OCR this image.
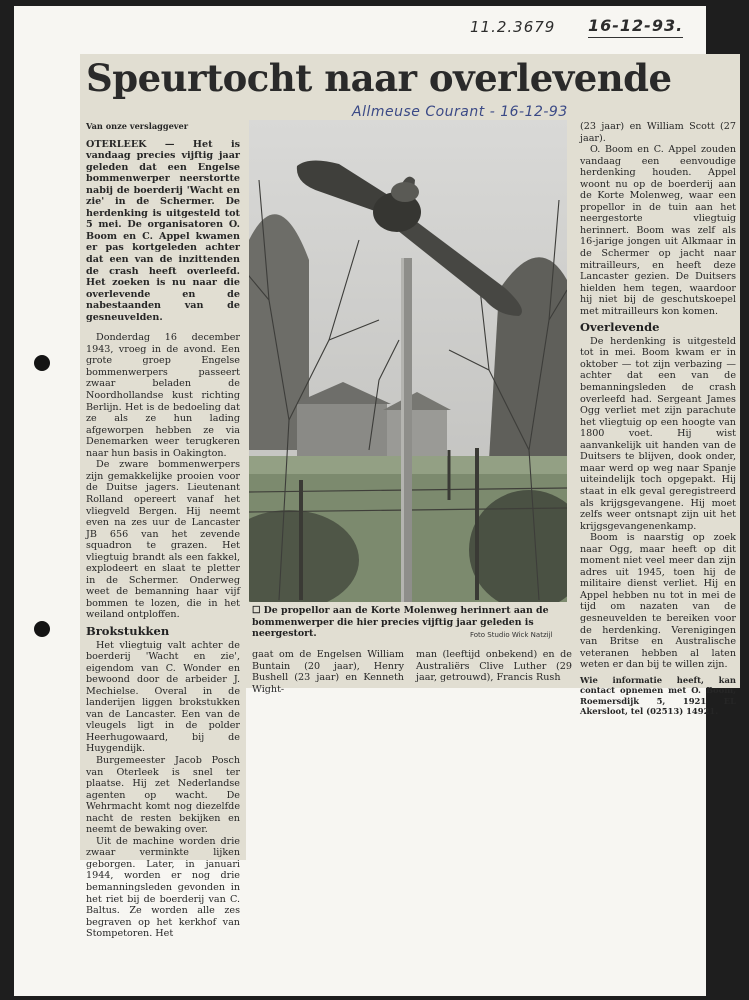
11.2.3679 16-12-93.
Speurtocht naar overlevende
Allmeuse Courant - 16-12-93

Van onze verslaggever

OTERLEEK — Het is vandaag precies vijftig jaar geleden dat een Engelse bommenwerper neerstortte nabij de boerderij 'Wacht en zie' in de Schermer. De herdenking is uitgesteld tot 5 mei. De organisatoren O. Boom en C. Appel kwamen er pas kortgeleden achter dat een van de inzittenden de crash heeft overleefd. Het zoeken is nu naar die overlevende en de nabestaanden van de gesneuvelden.

Donderdag 16 december 1943, vroeg in de avond. Een grote groep Engelse bommenwerpers passeert zwaar beladen de Noordhollandse kust richting Berlijn. Het is de bedoeling dat ze als ze hun lading afgeworpen hebben ze via Denemarken weer terugkeren naar hun basis in Oakington.

De zware bommenwerpers zijn gemakkelijke prooien voor de Duitse jagers. Lieutenant Rolland opereert vanaf het vliegveld Bergen. Hij neemt even na zes uur de Lancaster JB 656 van het zevende squadron te grazen. Het vliegtuig brandt als een fakkel, explodeert en slaat te pletter in de Schermer. Onderweg weet de bemanning haar vijf bommen te lozen, die in het weiland ontploffen.

Brokstukken

Het vliegtuig valt achter de boerderij 'Wacht en zie', eigendom van C. Wonder en bewoond door de arbeider J. Mechielse. Overal in de landerijen liggen brokstukken van de Lancaster. Een van de vleugels ligt in de polder Heerhugowaard, bij de Huygendijk.

Burgemeester Jacob Posch van Oterleek is snel ter plaatse. Hij zet Nederlandse agenten op wacht. De Wehrmacht komt nog diezelfde nacht de resten bekijken en neemt de bewaking over.

Uit de machine worden drie zwaar verminkte lijken geborgen. Later, in januari 1944, worden er nog drie bemanningsleden gevonden in het riet bij de boerderij van C. Baltus. Ze worden alle zes begraven op het kerkhof van Stompetoren. Het

☐ De propellor aan de Korte Molenweg herinnert aan de bommenwerper die hier precies vijftig jaar geleden is neergestort.	Foto Studio Wick Natzijl
gaat om de Engelsen William Buntain (20 jaar), Henry Bushell (23 jaar) en Kenneth Wight-
man (leeftijd onbekend) en de Australiërs Clive Luther (29 jaar, getrouwd), Francis Rush

(23 jaar) en William Scott (27 jaar).

O. Boom en C. Appel zouden vandaag een eenvoudige herdenking houden. Appel woont nu op de boerderij aan de Korte Molenweg, waar een propellor in de tuin aan het neergestorte vliegtuig herinnert. Boom was zelf als 16-jarige jongen uit Alkmaar in de Schermer op jacht naar mitrailleurs, en heeft deze Lancaster gezien. De Duitsers hielden hem tegen, waardoor hij niet bij de geschutskoepel met mitrailleurs kon komen.

Overlevende

De herdenking is uitgesteld tot in mei. Boom kwam er in oktober — tot zijn verbazing — achter dat een van de bemanningsleden de crash overleefd had. Sergeant James Ogg verliet met zijn parachute het vliegtuig op een hoogte van 1800 voet. Hij wist aanvankelijk uit handen van de Duitsers te blijven, dook onder, maar werd op weg naar Spanje uiteindelijk toch opgepakt. Hij staat in elk geval geregistreerd als krijgsgevangene. Hij moet zelfs weer ontsnapt zijn uit het krijgsgevangenenkamp.

Boom is naarstig op zoek naar Ogg, maar heeft op dit moment niet veel meer dan zijn adres uit 1945, toen hij de militaire dienst verliet. Hij en Appel hebben nu tot in mei de tijd om nazaten van de gesneuvelden te bereiken voor de herdenking. Verenigingen van Britse en Australische veteranen hebben al laten weten er dan bij te willen zijn.

Wie informatie heeft, kan contact opnemen met O. Boom, Roemersdijk 5, 1921 EL Akersloot, tel (02513) 14921.
